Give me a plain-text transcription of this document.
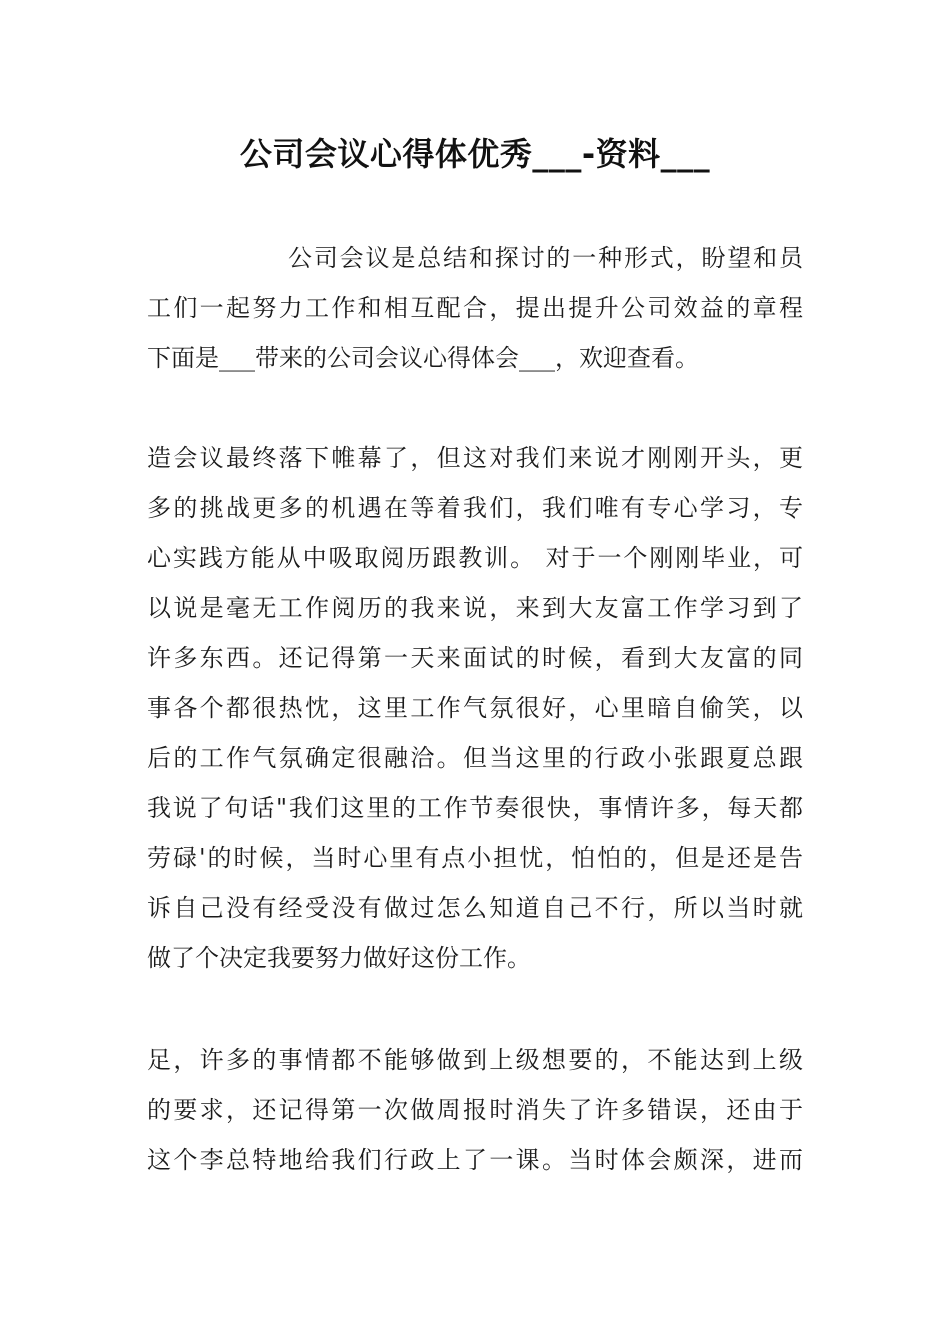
公司会议心得体优秀___-资料___
公司会议是总结和探讨的一种形式，盼望和员
工们一起努力工作和相互配合，提出提升公司效益的章程
下面是___带来的公司会议心得体会___，欢迎查看。
造会议最终落下帷幕了，但这对我们来说才刚刚开头，更
多的挑战更多的机遇在等着我们，我们唯有专心学习，专
心实践方能从中吸取阅历跟教训。 对于一个刚刚毕业，可
以说是毫无工作阅历的我来说，来到大友富工作学习到了
许多东西。还记得第一天来面试的时候，看到大友富的同
事各个都很热忱，这里工作气氛很好，心里暗自偷笑，以
后的工作气氛确定很融洽。但当这里的行政小张跟夏总跟
我说了句话"我们这里的工作节奏很快，事情许多，每天都
劳碌'的时候，当时心里有点小担忧，怕怕的，但是还是告
诉自己没有经受没有做过怎么知道自己不行，所以当时就
做了个决定我要努力做好这份工作。
足，许多的事情都不能够做到上级想要的，不能达到上级
的要求，还记得第一次做周报时消失了许多错误，还由于
这个李总特地给我们行政上了一课。当时体会颇深，进而
